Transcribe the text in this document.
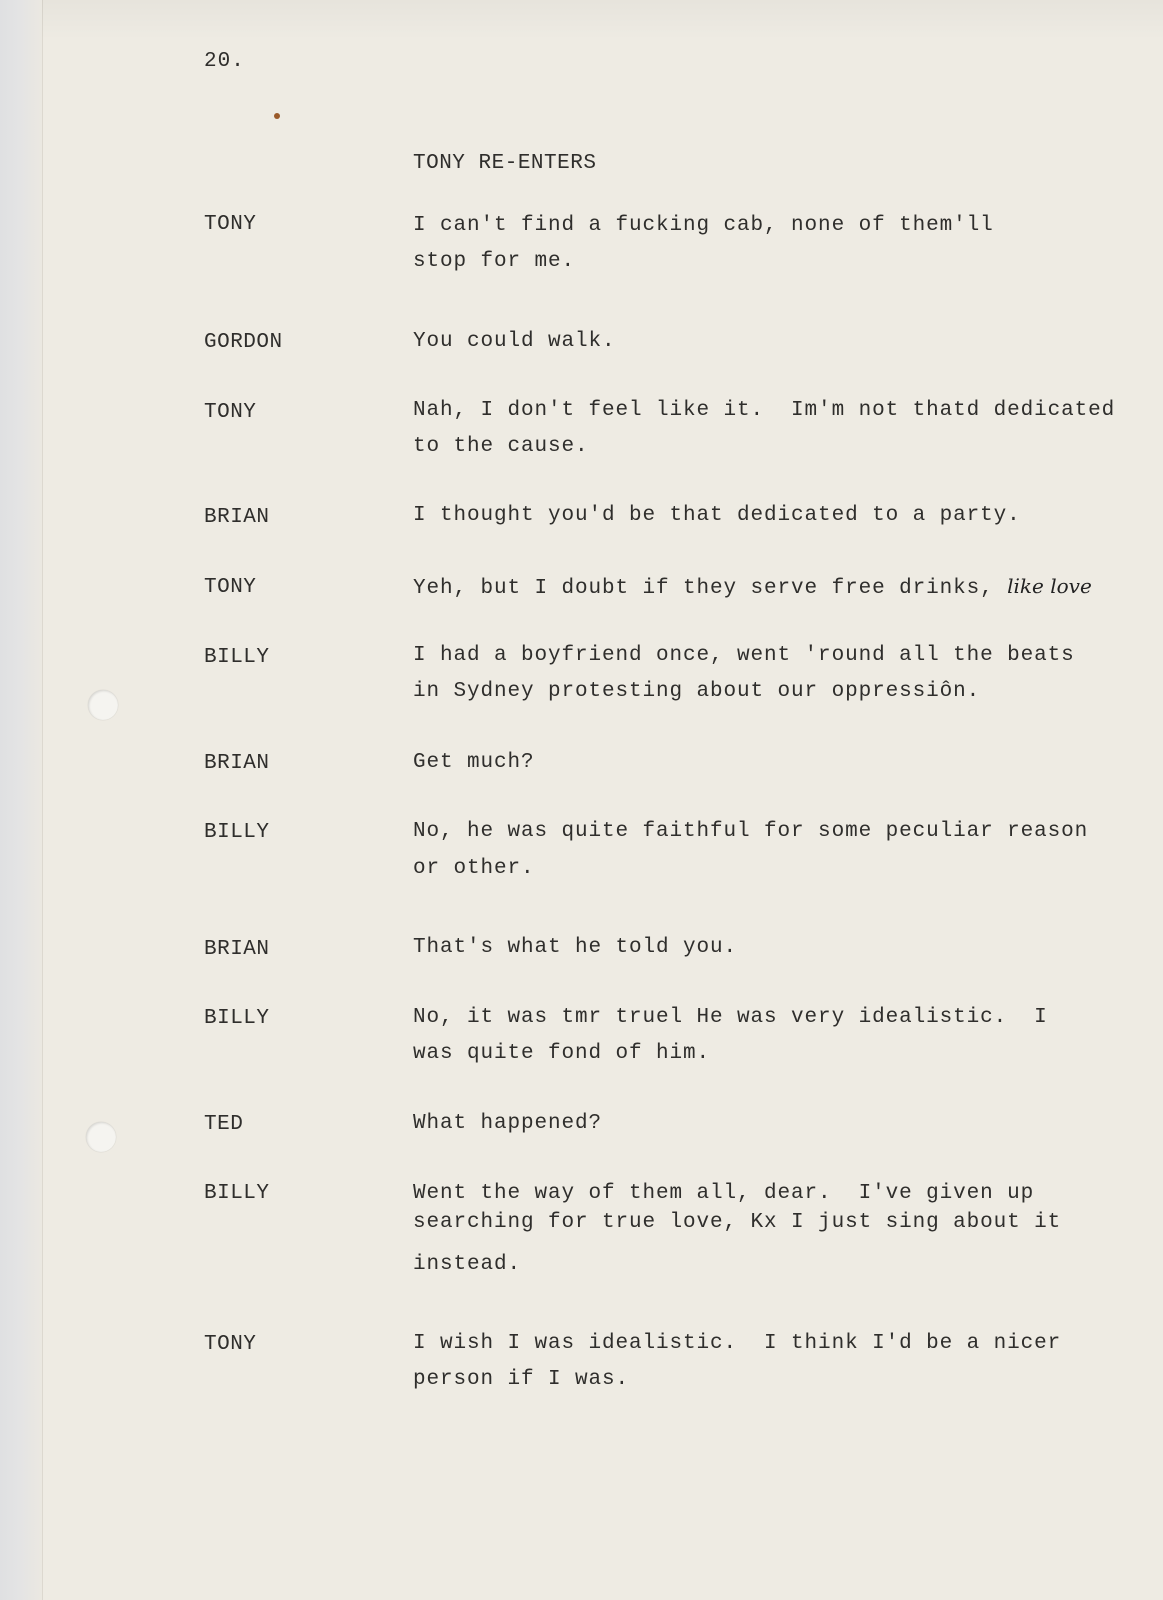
20.
TONY RE-ENTERS
TONY	I can't find a fucking cab, none of them'll
stop for me.
GORDON	You could walk.
TONY	Nah, I don't feel like it.  Im'm not thatd dedicated
to the cause.
BRIAN	I thought you'd be that dedicated to a party.
TONY	Yeh, but I doubt if they serve free drinks, like love
BILLY	I had a boyfriend once, went 'round all the beats
in Sydney protesting about our oppressiôn.
BRIAN	Get much?
BILLY	No, he was quite faithful for some peculiar reason
or other.
BRIAN	That's what he told you.
BILLY	No, it was tmr truel He was very idealistic.  I
was quite fond of him.
TED	What happened?
BILLY	Went the way of them all, dear.  I've given up
searching for true love, Kx I just sing about it
instead.
TONY	I wish I was idealistic.  I think I'd be a nicer
person if I was.
